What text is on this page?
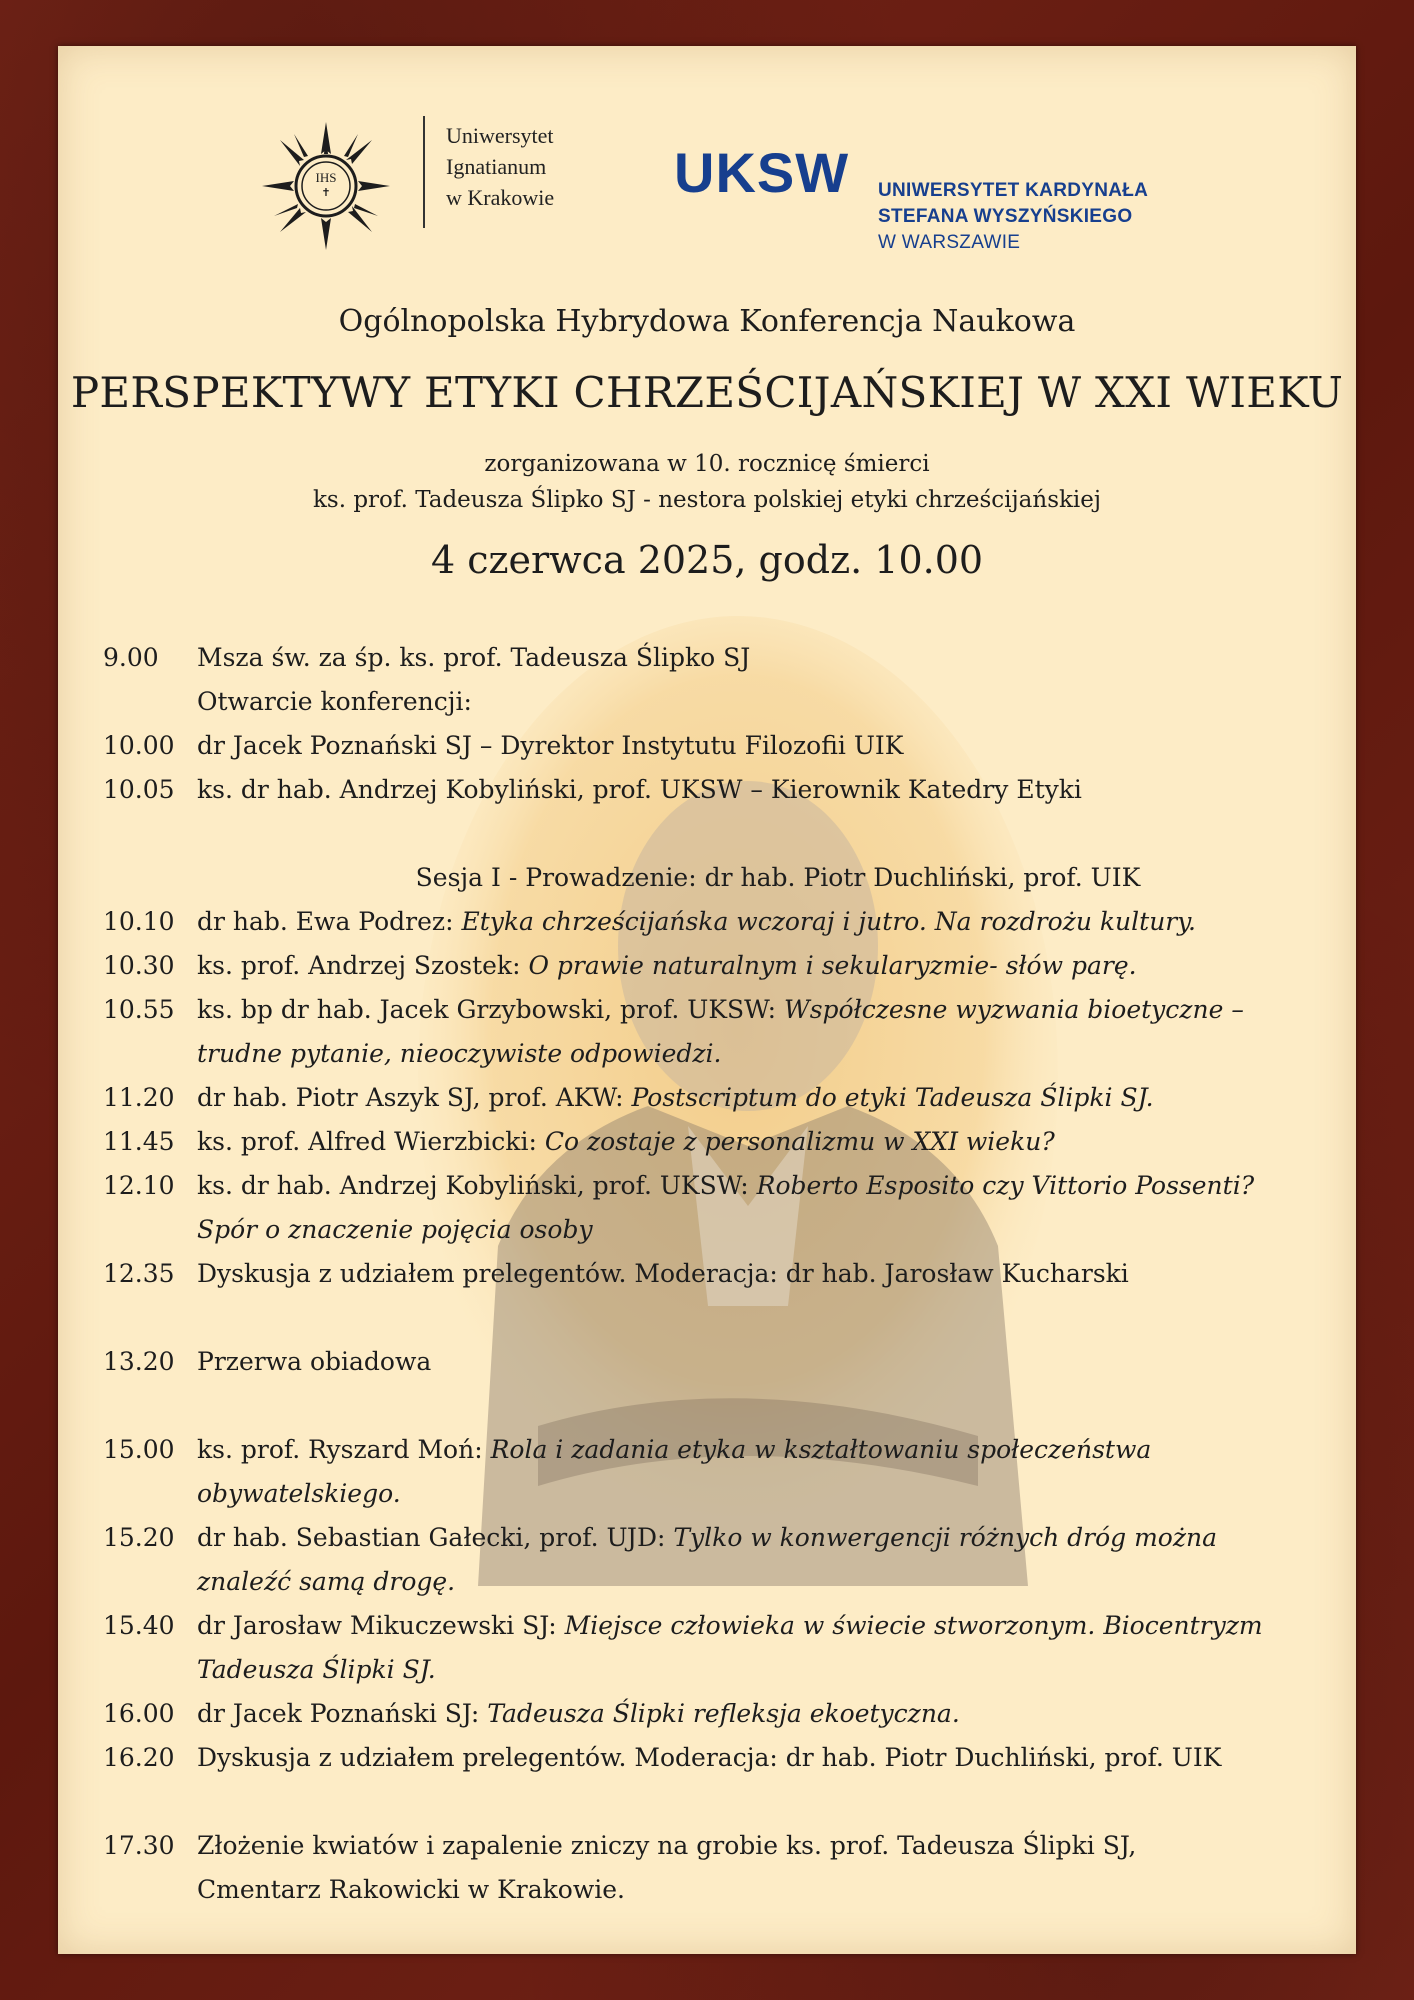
IHS
✝
Uniwersytet
Ignatianum
w Krakowie UKSW UNIWERSYTET KARDYNAŁA
STEFANA WYSZYŃSKIEGO
W WARSZAWIE
Ogólnopolska Hybrydowa Konferencja Naukowa
PERSPEKTYWY ETYKI CHRZEŚCIJAŃSKIEJ W XXI WIEKU
zorganizowana w 10. rocznicę śmierci
ks. prof. Tadeusza Ślipko SJ - nestora polskiej etyki chrześcijańskiej
4 czerwca 2025, godz. 10.00
9.00	Msza św. za śp. ks. prof. Tadeusza Ślipko SJ
Otwarcie konferencji:
10.00 dr Jacek Poznański SJ – Dyrektor Instytutu Filozofii UIK
10.05 ks. dr hab. Andrzej Kobyliński, prof. UKSW – Kierownik Katedry Etyki
Sesja I - Prowadzenie: dr hab. Piotr Duchliński, prof. UIK
10.10 dr hab. Ewa Podrez: Etyka chrześcijańska wczoraj i jutro. Na rozdrożu kultury.
10.30 ks. prof. Andrzej Szostek: O prawie naturalnym i sekularyzmie- słów parę.
10.55 ks. bp dr hab. Jacek Grzybowski, prof. UKSW: Współczesne wyzwania bioetyczne –
trudne pytanie, nieoczywiste odpowiedzi.
11.20 dr hab. Piotr Aszyk SJ, prof. AKW: Postscriptum do etyki Tadeusza Ślipki SJ.
11.45 ks. prof. Alfred Wierzbicki: Co zostaje z personalizmu w XXI wieku?
12.10 ks. dr hab. Andrzej Kobyliński, prof. UKSW: Roberto Esposito czy Vittorio Possenti?
Spór o znaczenie pojęcia osoby
12.35 Dyskusja z udziałem prelegentów. Moderacja: dr hab. Jarosław Kucharski
13.20 Przerwa obiadowa
15.00 ks. prof. Ryszard Moń: Rola i zadania etyka w kształtowaniu społeczeństwa
obywatelskiego.
15.20 dr hab. Sebastian Gałecki, prof. UJD: Tylko w konwergencji różnych dróg można
znaleźć samą drogę.
15.40 dr Jarosław Mikuczewski SJ: Miejsce człowieka w świecie stworzonym. Biocentryzm
Tadeusza Ślipki SJ.
16.00 dr Jacek Poznański SJ: Tadeusza Ślipki refleksja ekoetyczna.
16.20 Dyskusja z udziałem prelegentów. Moderacja: dr hab. Piotr Duchliński, prof. UIK
17.30 Złożenie kwiatów i zapalenie zniczy na grobie ks. prof. Tadeusza Ślipki SJ,
Cmentarz Rakowicki w Krakowie.
